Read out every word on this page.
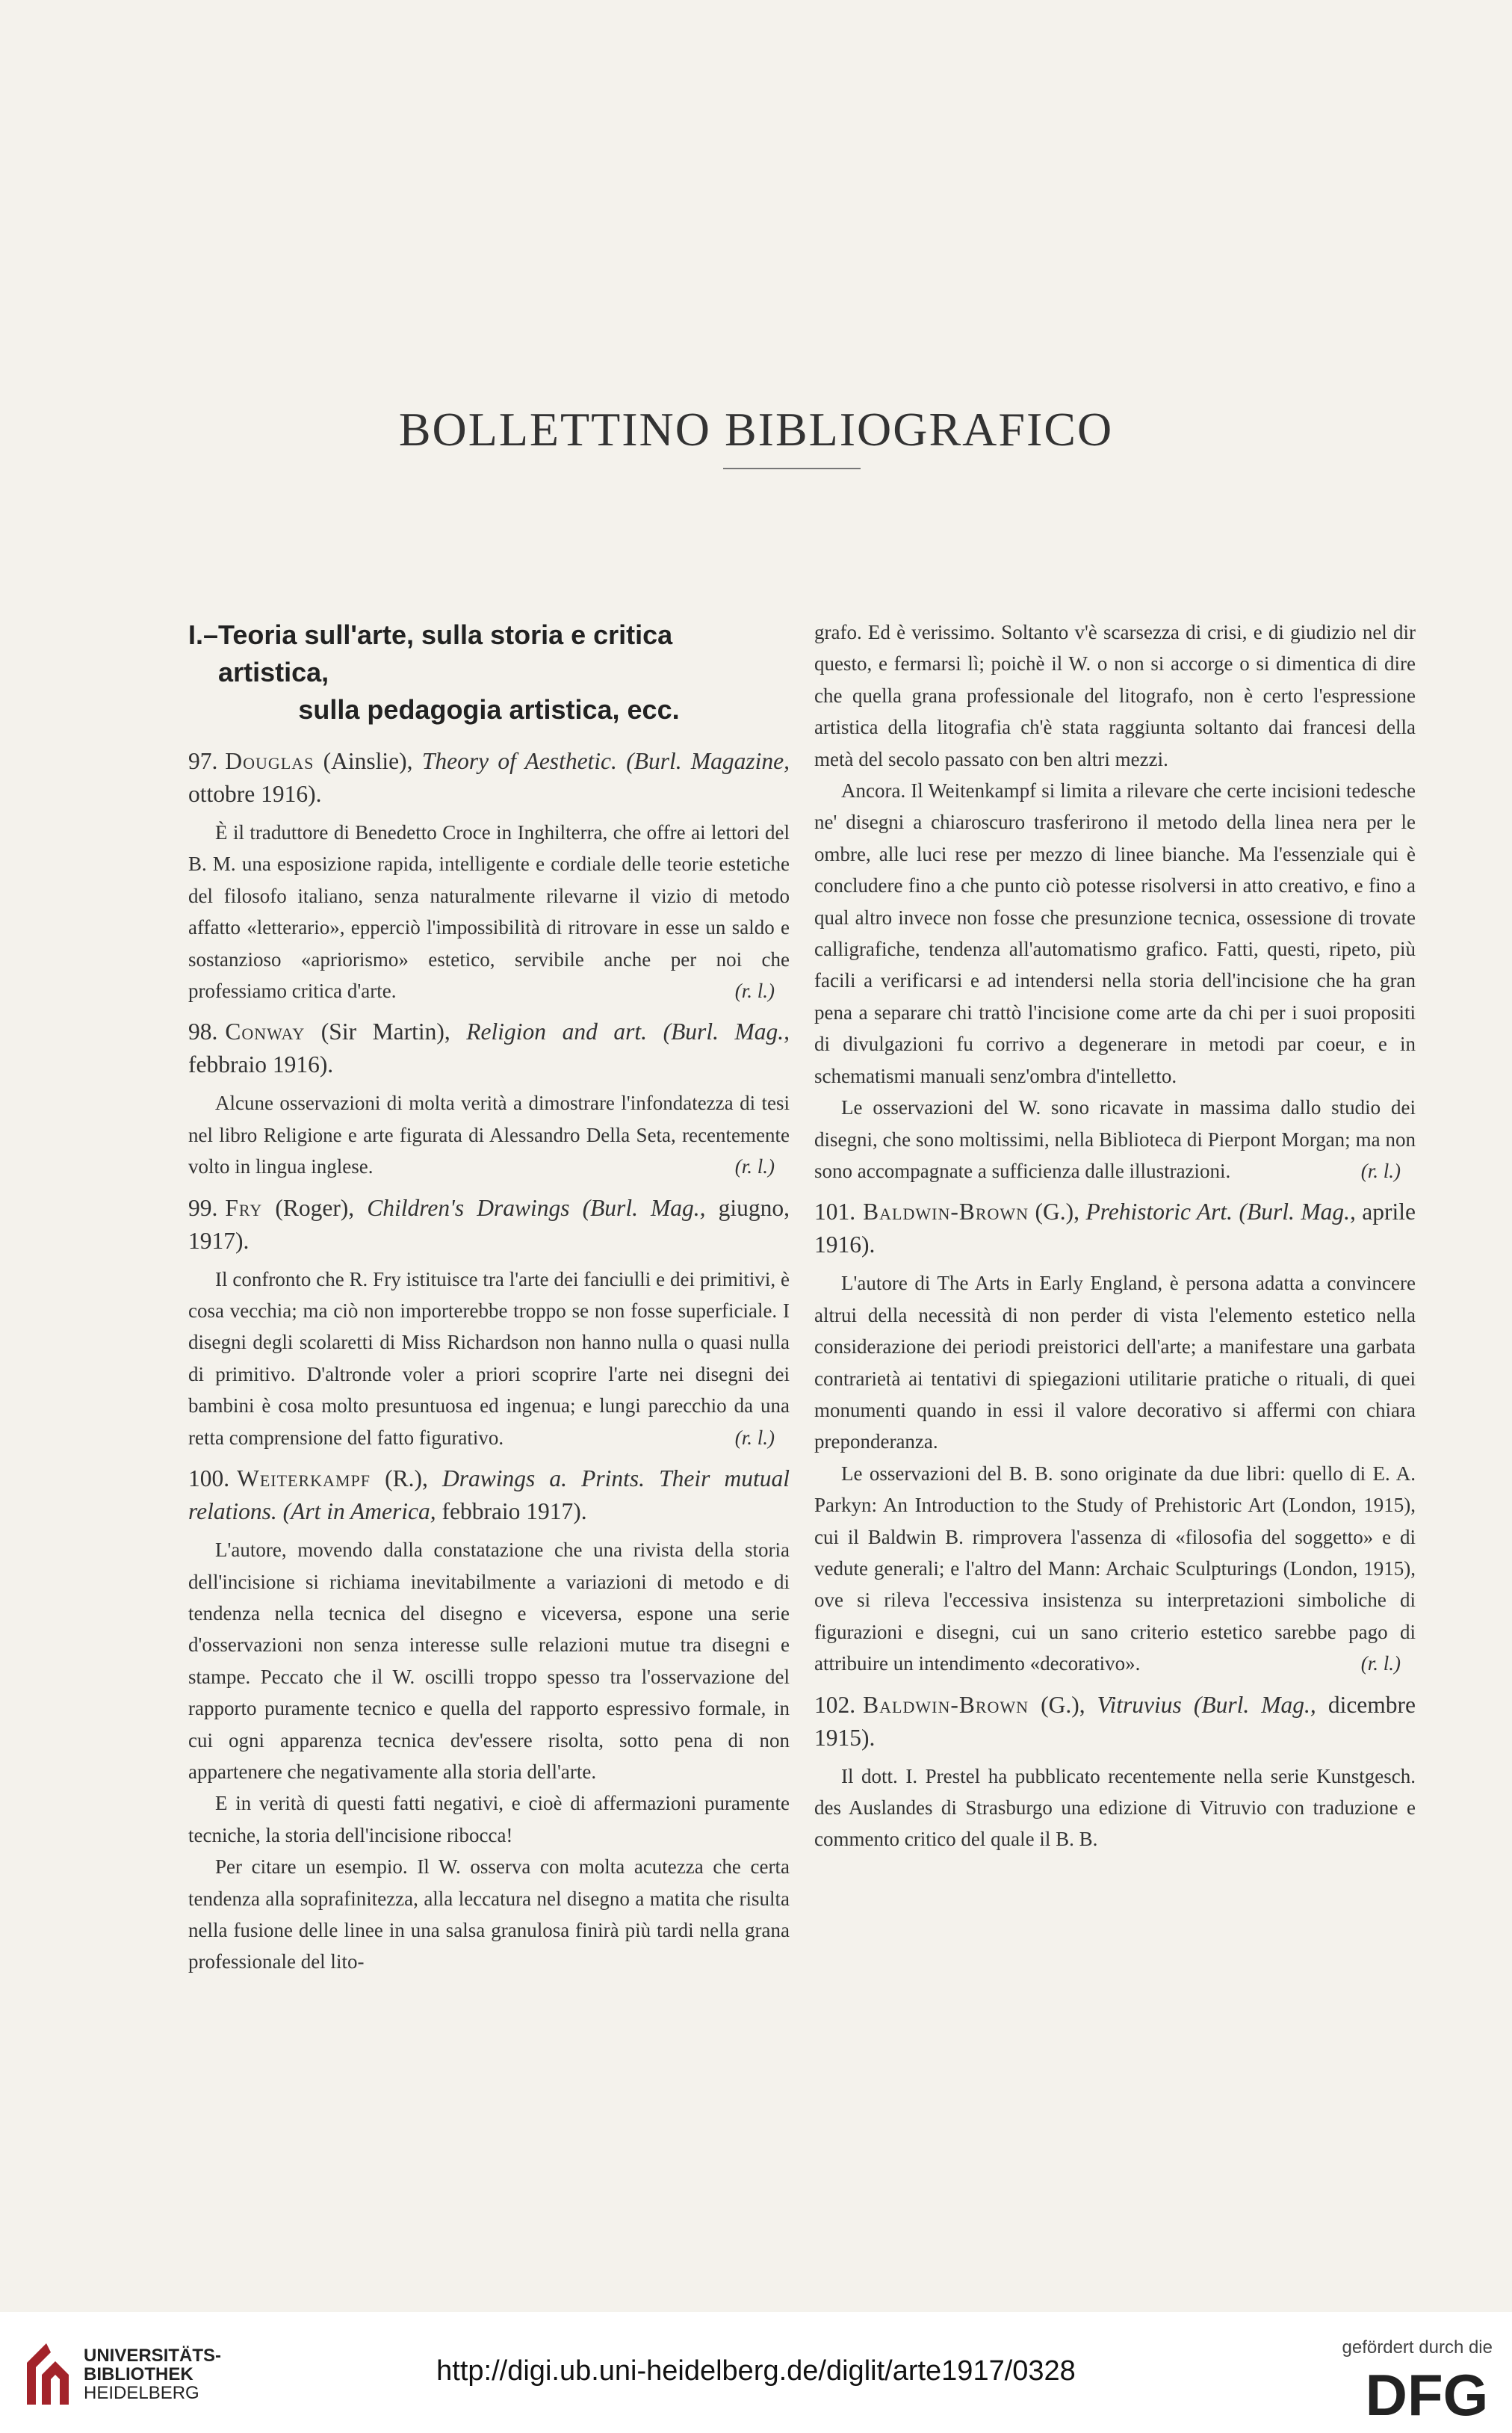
BOLLETTINO BIBLIOGRAFICO
I. – Teoria sull'arte, sulla storia e critica artistica,
sulla pedagogia artistica, ecc.
97. Douglas (Ainslie), Theory of Aesthetic. (Burl. Magazine, ottobre 1916).

È il traduttore di Benedetto Croce in Inghilterra, che offre ai lettori del B. M. una esposizione rapida, intelligente e cordiale delle teorie estetiche del filosofo italiano, senza naturalmente rilevarne il vizio di metodo affatto «letterario», epperciò l'impossibilità di ritrovare in esse un saldo e sostanzioso «apriorismo» estetico, servibile anche per noi che professiamo critica d'arte.	(r. l.)

98. Conway (Sir Martin), Religion and art. (Burl. Mag., febbraio 1916).

Alcune osservazioni di molta verità a dimostrare l'infondatezza di tesi nel libro Religione e arte figurata di Alessandro Della Seta, recentemente volto in lingua inglese.	(r. l.)

99. Fry (Roger), Children's Drawings (Burl. Mag., giugno, 1917).

Il confronto che R. Fry istituisce tra l'arte dei fanciulli e dei primitivi, è cosa vecchia; ma ciò non importerebbe troppo se non fosse superficiale. I disegni degli scolaretti di Miss Richardson non hanno nulla o quasi nulla di primitivo. D'altronde voler a priori scoprire l'arte nei disegni dei bambini è cosa molto presuntuosa ed ingenua; e lungi parecchio da una retta comprensione del fatto figurativo.	(r. l.)

100. Weiterkampf (R.), Drawings a. Prints. Their mutual relations. (Art in America, febbraio 1917).

L'autore, movendo dalla constatazione che una rivista della storia dell'incisione si richiama inevitabilmente a variazioni di metodo e di tendenza nella tecnica del disegno e viceversa, espone una serie d'osservazioni non senza interesse sulle relazioni mutue tra disegni e stampe. Peccato che il W. oscilli troppo spesso tra l'osservazione del rapporto puramente tecnico e quella del rapporto espressivo formale, in cui ogni apparenza tecnica dev'essere risolta, sotto pena di non appartenere che negativamente alla storia dell'arte.

E in verità di questi fatti negativi, e cioè di affermazioni puramente tecniche, la storia dell'incisione ribocca!

Per citare un esempio. Il W. osserva con molta acutezza che certa tendenza alla soprafinitezza, alla leccatura nel disegno a matita che risulta nella fusione delle linee in una salsa granulosa finirà più tardi nella grana professionale del lito-

grafo. Ed è verissimo. Soltanto v'è scarsezza di crisi, e di giudizio nel dir questo, e fermarsi lì; poichè il W. o non si accorge o si dimentica di dire che quella grana professionale del litografo, non è certo l'espressione artistica della litografia ch'è stata raggiunta soltanto dai francesi della metà del secolo passato con ben altri mezzi.

Ancora. Il Weitenkampf si limita a rilevare che certe incisioni tedesche ne' disegni a chiaroscuro trasferirono il metodo della linea nera per le ombre, alle luci rese per mezzo di linee bianche. Ma l'essenziale qui è concludere fino a che punto ciò potesse risolversi in atto creativo, e fino a qual altro invece non fosse che presunzione tecnica, ossessione di trovate calligrafiche, tendenza all'automatismo grafico. Fatti, questi, ripeto, più facili a verificarsi e ad intendersi nella storia dell'incisione che ha gran pena a separare chi trattò l'incisione come arte da chi per i suoi propositi di divulgazioni fu corrivo a degenerare in metodi par coeur, e in schematismi manuali senz'ombra d'intelletto.

Le osservazioni del W. sono ricavate in massima dallo studio dei disegni, che sono moltissimi, nella Biblioteca di Pierpont Morgan; ma non sono accompagnate a sufficienza dalle illustrazioni.	(r. l.)

101. Baldwin-Brown (G.), Prehistoric Art. (Burl. Mag., aprile 1916).

L'autore di The Arts in Early England, è persona adatta a convincere altrui della necessità di non perder di vista l'elemento estetico nella considerazione dei periodi preistorici dell'arte; a manifestare una garbata contrarietà ai tentativi di spiegazioni utilitarie pratiche o rituali, di quei monumenti quando in essi il valore decorativo si affermi con chiara preponderanza.

Le osservazioni del B. B. sono originate da due libri: quello di E. A. Parkyn: An Introduction to the Study of Prehistoric Art (London, 1915), cui il Baldwin B. rimprovera l'assenza di «filosofia del soggetto» e di vedute generali; e l'altro del Mann: Archaic Sculpturings (London, 1915), ove si rileva l'eccessiva insistenza su interpretazioni simboliche di figurazioni e disegni, cui un sano criterio estetico sarebbe pago di attribuire un intendimento «decorativo».	(r. l.)

102. Baldwin-Brown (G.), Vitruvius (Burl. Mag., dicembre 1915).

Il dott. I. Prestel ha pubblicato recentemente nella serie Kunstgesch. des Auslandes di Strasburgo una edizione di Vitruvio con traduzione e commento critico del quale il B. B.

UNIVERSITÄTS-
BIBLIOTHEK
HEIDELBERG
http://digi.ub.uni-heidelberg.de/diglit/arte1917/0328
gefördert durch die
DFG
